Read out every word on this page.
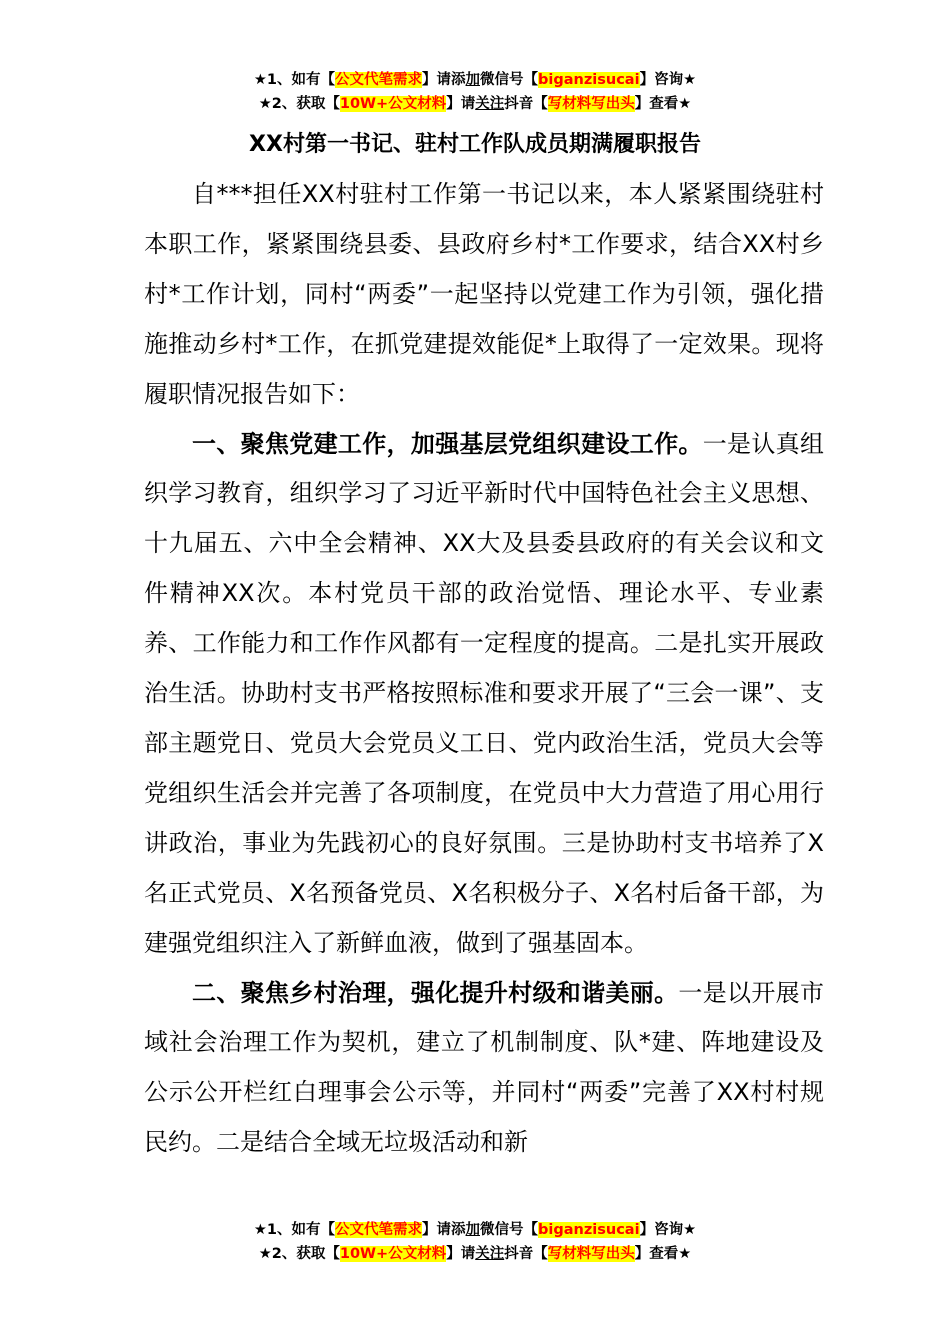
★1、如有【公文代笔需求】请添加微信号【biganzisucai】咨询★
★2、获取【10W+公文材料】请关注抖音【写材料写出头】查看★
XX村第一书记、驻村工作队成员期满履职报告

自***担任XX村驻村工作第一书记以来，本人紧紧围绕驻村本职工作，紧紧围绕县委、县政府乡村*工作要求，结合XX村乡村*工作计划，同村“两委”一起坚持以党建工作为引领，强化措施推动乡村*工作，在抓党建提效能促*上取得了一定效果。现将履职情况报告如下：

一、聚焦党建工作，加强基层党组织建设工作。一是认真组织学习教育，组织学习了习近平新时代中国特色社会主义思想、十九届五、六中全会精神、XX大及县委县政府的有关会议和文件精神XX次。本村党员干部的政治觉悟、理论水平、专业素养、工作能力和工作作风都有一定程度的提高。二是扎实开展政治生活。协助村支书严格按照标准和要求开展了“三会一课”、支部主题党日、党员大会党员义工日、党内政治生活，党员大会等党组织生活会并完善了各项制度，在党员中大力营造了用心用行讲政治，事业为先践初心的良好氛围。三是协助村支书培养了X名正式党员、X名预备党员、X名积极分子、X名村后备干部，为建强党组织注入了新鲜血液，做到了强基固本。

二、聚焦乡村治理，强化提升村级和谐美丽。一是以开展市域社会治理工作为契机，建立了机制制度、队*建、阵地建设及公示公开栏红白理事会公示等，并同村“两委”完善了XX村村规民约。二是结合全域无垃圾活动和新

★1、如有【公文代笔需求】请添加微信号【biganzisucai】咨询★
★2、获取【10W+公文材料】请关注抖音【写材料写出头】查看★
